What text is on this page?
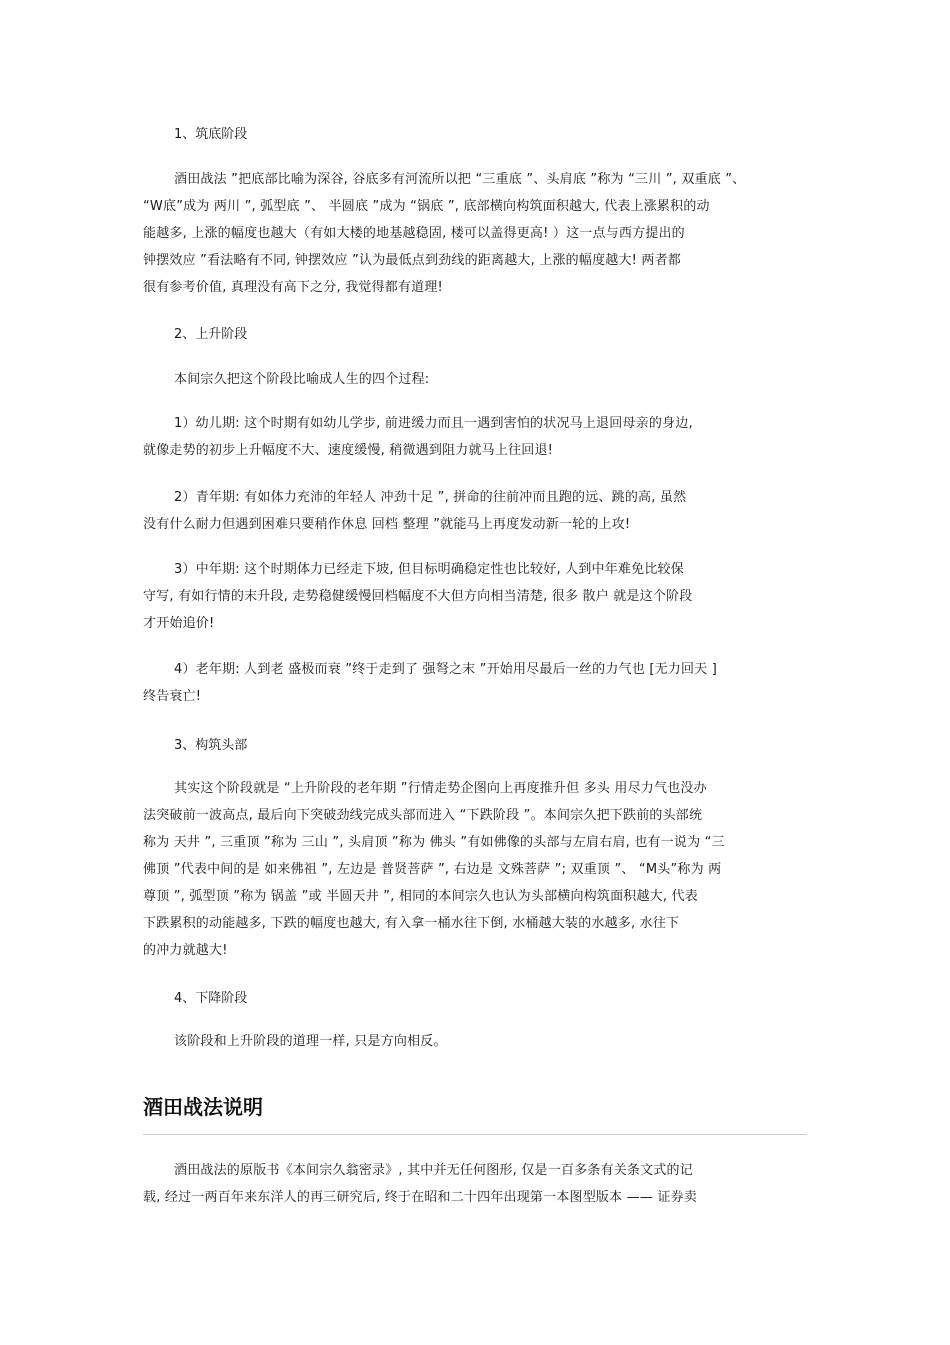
1、筑底阶段
酒田战法 ”把底部比喻为深谷, 谷底多有河流所以把 “三重底 ”、头肩底 ”称为 “三川 ”, 双重底 ”、
“W底”成为 两川 ”, 弧型底 ”、 半圆底 ”成为 “锅底 ”, 底部横向构筑面积越大, 代表上涨累积的动
能越多, 上涨的幅度也越大（有如大楼的地基越稳固, 楼可以盖得更高! ）这一点与西方提出的
钟摆效应 ”看法略有不同, 钟摆效应 ”认为最低点到劲线的距离越大, 上涨的幅度越大! 两者都
很有参考价值, 真理没有高下之分, 我觉得都有道理!
2、上升阶段
本间宗久把这个阶段比喻成人生的四个过程:
1）幼儿期: 这个时期有如幼儿学步, 前进缓力而且一遇到害怕的状况马上退回母亲的身边,
就像走势的初步上升幅度不大、速度缓慢, 稍微遇到阻力就马上往回退!
2）青年期: 有如体力充沛的年轻人 冲劲十足 ”, 拼命的往前冲而且跑的远、跳的高, 虽然
没有什么耐力但遇到困难只要稍作休息 回档 整理 ”就能马上再度发动新一轮的上攻!
3）中年期: 这个时期体力已经走下坡, 但目标明确稳定性也比较好, 人到中年难免比较保
守写, 有如行情的末升段, 走势稳健缓慢回档幅度不大但方向相当清楚, 很多 散户 就是这个阶段
才开始追价!
4）老年期: 人到老 盛极而衰 ”终于走到了 强弩之末 ”开始用尽最后一丝的力气也 [无力回天 ]
终告衰亡!
3、构筑头部
其实这个阶段就是 “上升阶段的老年期 ”行情走势企图向上再度推升但 多头 用尽力气也没办
法突破前一波高点, 最后向下突破劲线完成头部而进入 “下跌阶段 ”。本间宗久把下跌前的头部统
称为 天井 ”, 三重顶 ”称为 三山 ”, 头肩顶 ”称为 佛头 ”有如佛像的头部与左肩右肩, 也有一说为 “三
佛顶 ”代表中间的是 如来佛祖 ”, 左边是 普贤菩萨 ”, 右边是 文殊菩萨 ”; 双重顶 ”、 “M头”称为 两
尊顶 ”, 弧型顶 ”称为 锅盖 ”或 半圆天井 ”, 相同的本间宗久也认为头部横向构筑面积越大, 代表
下跌累积的动能越多, 下跌的幅度也越大, 有入拿一桶水往下倒, 水桶越大装的水越多, 水往下
的冲力就越大!
4、下降阶段
该阶段和上升阶段的道理一样, 只是方向相反。
酒田战法说明
酒田战法的原版书《本间宗久翁密录》, 其中并无任何图形, 仅是一百多条有关条文式的记
载, 经过一两百年来东洋人的再三研究后, 终于在昭和二十四年出现第一本图型版本 —— 证券卖
